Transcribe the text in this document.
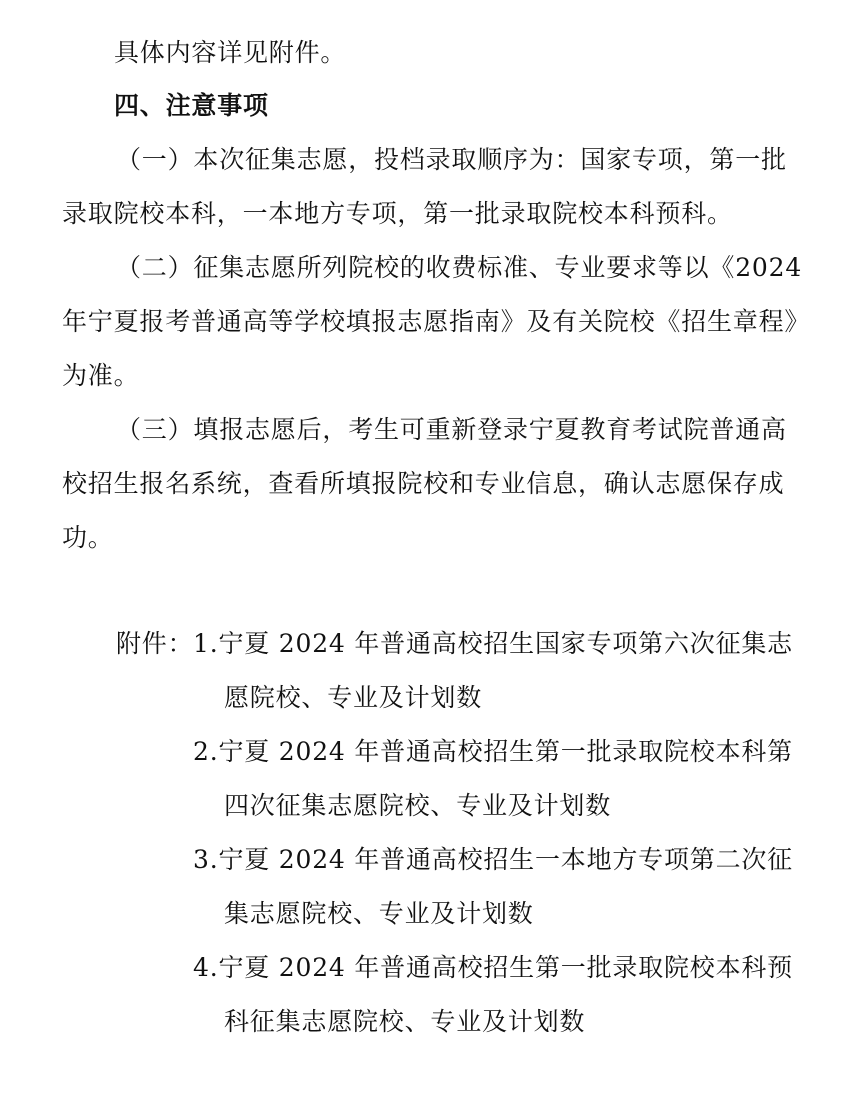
具体内容详见附件。
四、注意事项
（一）本次征集志愿，投档录取顺序为：国家专项，第一批
录取院校本科，一本地方专项，第一批录取院校本科预科。
（二）征集志愿所列院校的收费标准、专业要求等以《2024
年宁夏报考普通高等学校填报志愿指南》及有关院校《招生章程》
为准。
（三）填报志愿后，考生可重新登录宁夏教育考试院普通高
校招生报名系统，查看所填报院校和专业信息，确认志愿保存成
功。
附件： 1.宁夏 2024 年普通高校招生国家专项第六次征集志
愿院校、专业及计划数
2.宁夏 2024 年普通高校招生第一批录取院校本科第
四次征集志愿院校、专业及计划数
3.宁夏 2024 年普通高校招生一本地方专项第二次征
集志愿院校、专业及计划数
4.宁夏 2024 年普通高校招生第一批录取院校本科预
科征集志愿院校、专业及计划数
